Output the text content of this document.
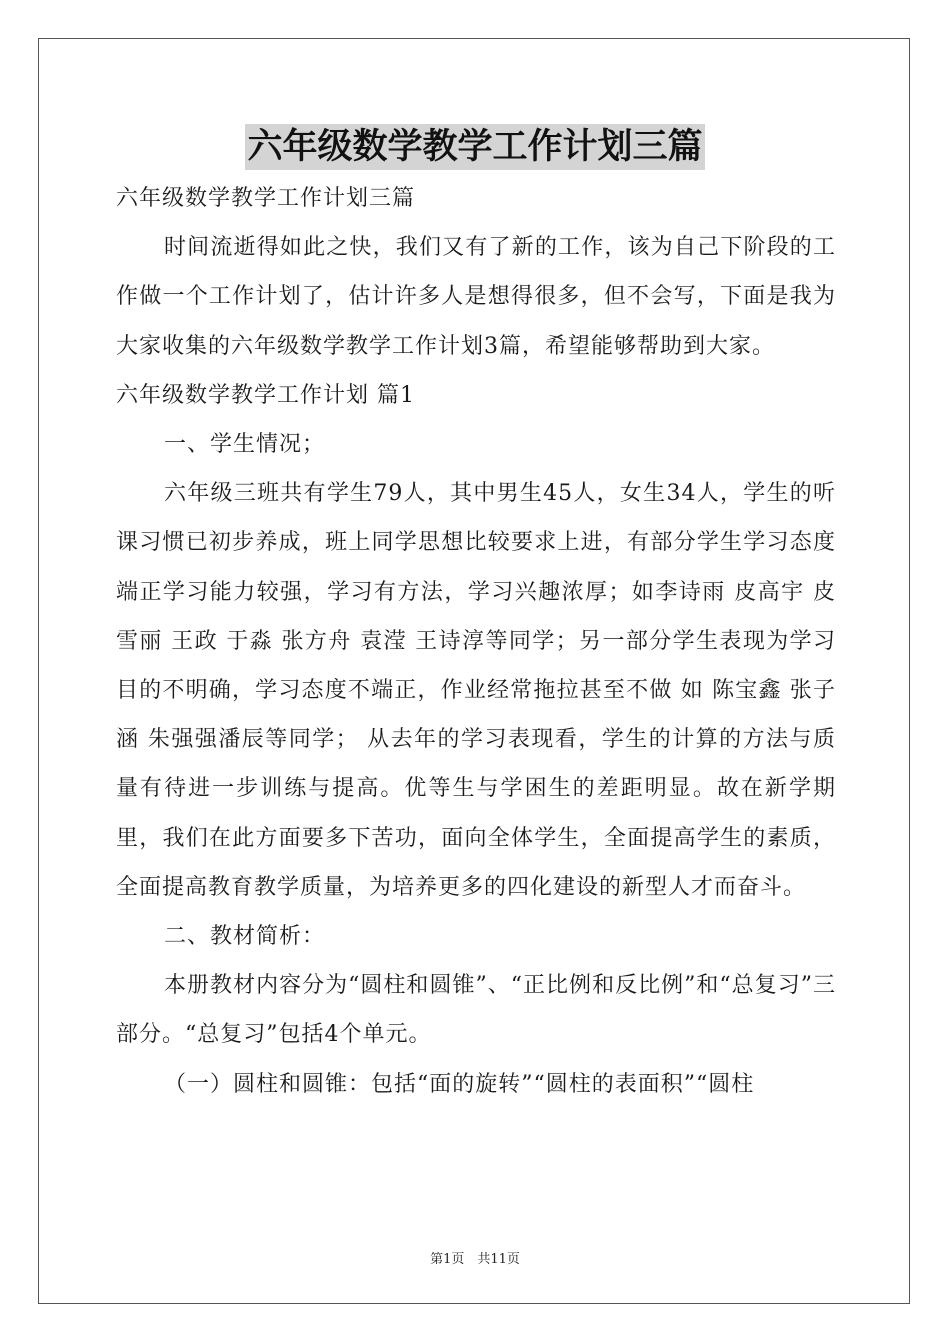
六年级数学教学工作计划三篇

六年级数学教学工作计划三篇

时间流逝得如此之快，我们又有了新的工作，该为自己下阶段的工作做一个工作计划了，估计许多人是想得很多，但不会写，下面是我为大家收集的六年级数学教学工作计划3篇，希望能够帮助到大家。

六年级数学教学工作计划 篇1

一、学生情况；

六年级三班共有学生79人，其中男生45人，女生34人，学生的听课习惯已初步养成，班上同学思想比较要求上进，有部分学生学习态度端正学习能力较强，学习有方法，学习兴趣浓厚；如李诗雨 皮高宇 皮雪丽 王政 于淼 张方舟 袁滢 王诗淳等同学；另一部分学生表现为学习目的不明确，学习态度不端正，作业经常拖拉甚至不做 如 陈宝鑫 张子涵 朱强强潘辰等同学； 从去年的学习表现看，学生的计算的方法与质量有待进一步训练与提高。优等生与学困生的差距明显。故在新学期里，我们在此方面要多下苦功，面向全体学生，全面提高学生的素质，全面提高教育教学质量，为培养更多的四化建设的新型人才而奋斗。

二、教材简析：

本册教材内容分为“圆柱和圆锥”、“正比例和反比例”和“总复习”三部分。“总复习”包括4个单元。

（一）圆柱和圆锥：包括“面的旋转”“圆柱的表面积”“圆柱

第1页　共11页
